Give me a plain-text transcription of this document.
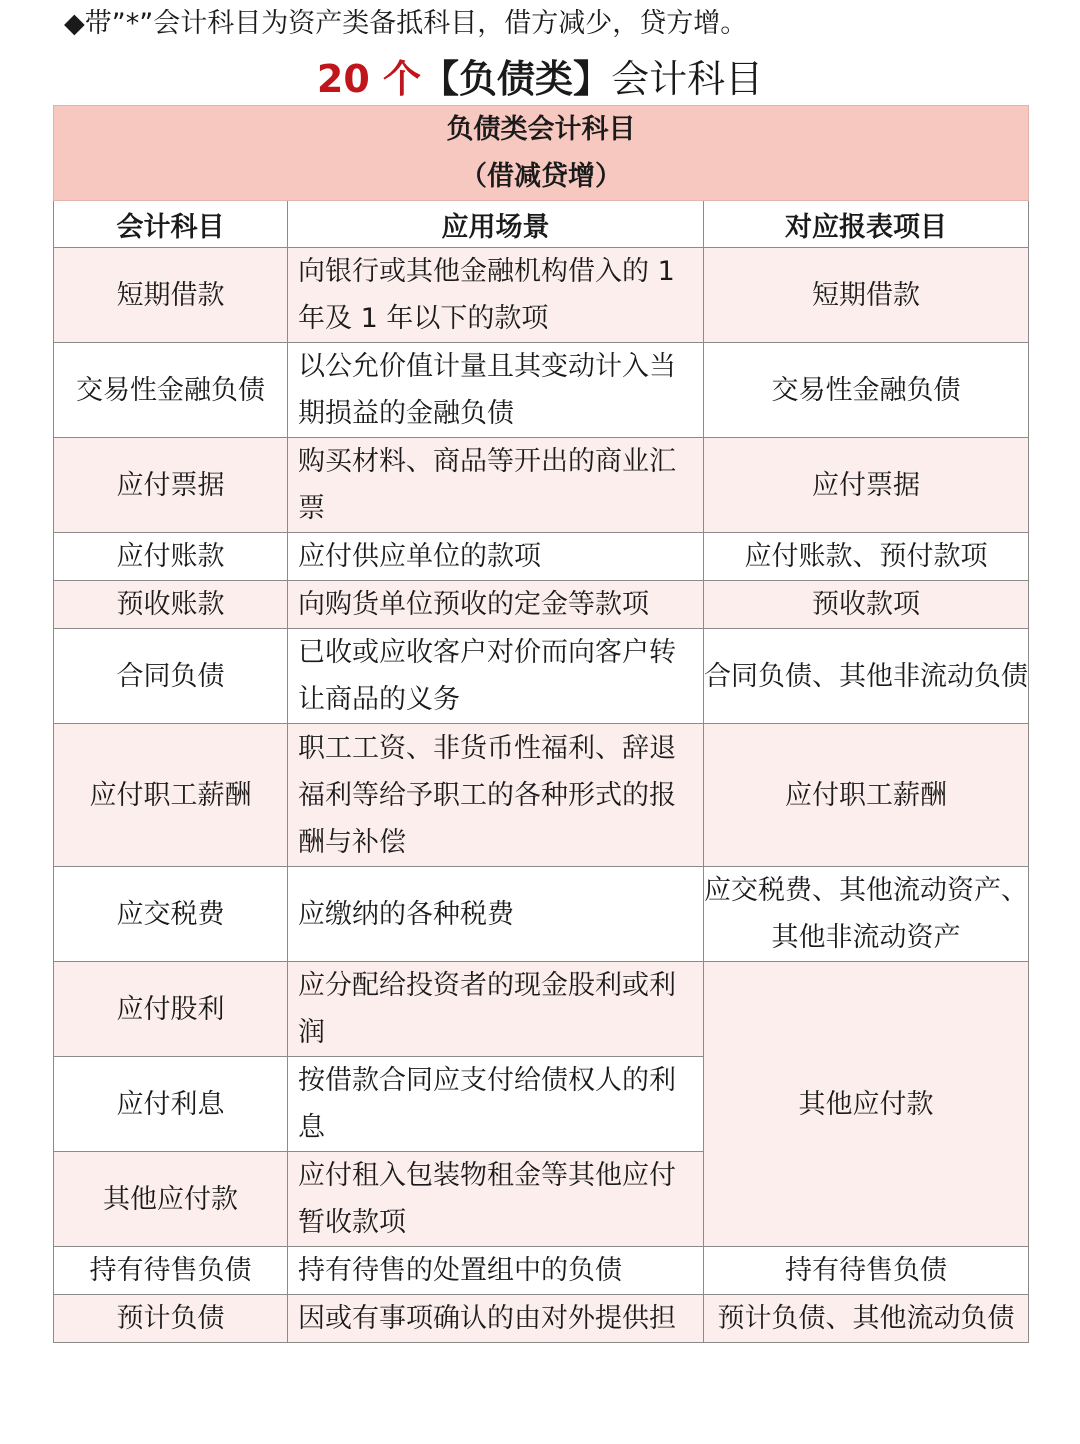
◆带”*”会计科目为资产类备抵科目，借方减少，贷方增。
20 个【负债类】会计科目
负债类会计科目
（借减贷增）		

会计科目	应用场景	对应报表项目
短期借款	向银行或其他金融机构借入的 1 年及 1 年以下的款项	短期借款
交易性金融负债	以公允价值计量且其变动计入当期损益的金融负债	交易性金融负债
应付票据	购买材料、商品等开出的商业汇票	应付票据
应付账款	应付供应单位的款项	应付账款、预付款项
预收账款	向购货单位预收的定金等款项	预收款项
合同负债	已收或应收客户对价而向客户转让商品的义务	合同负债、其他非流动负债
应付职工薪酬	职工工资、非货币性福利、辞退福利等给予职工的各种形式的报酬与补偿	应付职工薪酬
应交税费	应缴纳的各种税费	应交税费、其他流动资产、其他非流动资产
应付股利	应分配给投资者的现金股利或利润	其他应付款
应付利息	按借款合同应支付给债权人的利息	
其他应付款	应付租入包装物租金等其他应付暂收款项	
持有待售负债	持有待售的处置组中的负债	持有待售负债
预计负债	因或有事项确认的由对外提供担	预计负债、其他流动负债
